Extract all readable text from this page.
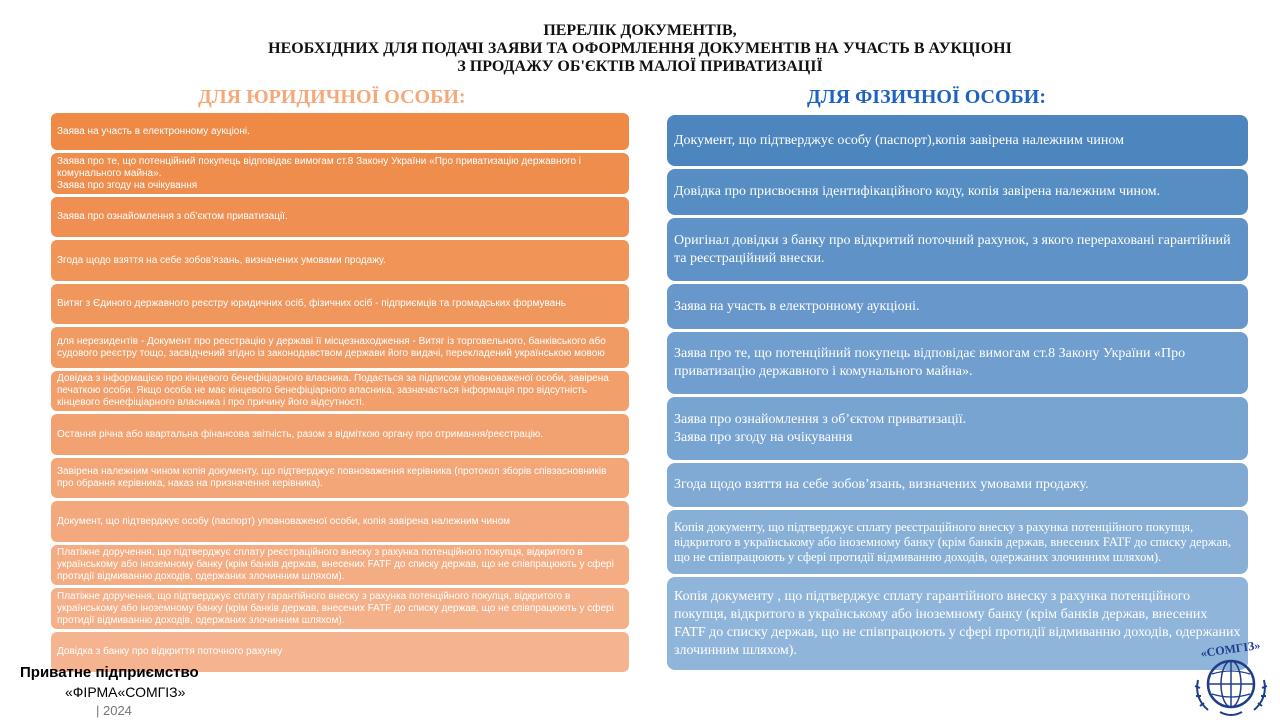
ПЕРЕЛІК ДОКУМЕНТІВ,
НЕОБХІДНИХ ДЛЯ ПОДАЧІ ЗАЯВИ ТА ОФОРМЛЕННЯ ДОКУМЕНТІВ НА УЧАСТЬ В АУКЦІОНІ
З ПРОДАЖУ ОБ'ЄКТІВ МАЛОЇ ПРИВАТИЗАЦІЇ
ДЛЯ ЮРИДИЧНОЇ ОСОБИ:	ДЛЯ ФІЗИЧНОЇ ОСОБИ:
Заява на участь в електронному аукціоні.
Заява про те, що потенційний покупець відповідає вимогам ст.8 Закону України «Про приватизацію державного і комунального майна».
Заява про згоду на очікування
Заява про ознайомлення з об’єктом приватизації.
Згода щодо взяття на себе зобов’язань, визначених умовами продажу.
Витяг з Єдиного державного реєстру юридичних осіб, фізичних осіб - підприємців та громадських формувань
для нерезидентів - Документ про реєстрацію у державі її місцезнаходження - Витяг із торговельного, банківського або судового реєстру тощо, засвідчений згідно із законодавством держави його видачі, перекладений українською мовою
Довідка з інформацією про кінцевого бенефіціарного власника. Подається за підписом уповноваженої особи, завірена печаткою особи. Якщо особа не має кінцевого бенефіціарного власника, зазначається інформація про відсутність кінцевого бенефіціарного власника і про причину його відсутності.
Остання річна або квартальна фінансова звітність, разом з відміткою органу про отримання/реєстрацію.
Завірена належним чином копія документу, що підтверджує повноваження керівника (протокол зборів співзасновників про обрання керівника, наказ на призначення керівника).
Документ, що підтверджує особу (паспорт) уповноваженої особи, копія завірена належним чином
Платіжне доручення, що підтверджує сплату реєстраційного внеску з рахунка потенційного покупця, відкритого в українському або іноземному банку (крім банків держав, внесених FATF до списку держав, що не співпрацюють у сфері протидії відмиванню доходів, одержаних злочинним шляхом).
Платіжне доручення, що підтверджує сплату гарантійного внеску з рахунка потенційного покупця, відкритого в українському або іноземному банку (крім банків держав, внесених FATF до списку держав, що не співпрацюють у сфері протидії відмиванню доходів, одержаних злочинним шляхом).
Довідка з банку про відкриття поточного рахунку
Документ, що підтверджує особу (паспорт),копія завірена належним чином
Довідка про присвоєння ідентифікаційного коду, копія завірена належним чином.
Оригінал довідки з банку про відкритий поточний рахунок, з якого перераховані гарантійний та реєстраційний внески.
Заява на участь в електронному аукціоні.
Заява про те, що потенційний покупець відповідає вимогам ст.8 Закону України «Про приватизацію державного і комунального майна».
Заява про ознайомлення з об’єктом приватизації.
Заява про згоду на очікування
Згода щодо взяття на себе зобов’язань, визначених умовами продажу.
Копія документу, що підтверджує сплату реєстраційного внеску з рахунка потенційного покупця, відкритого в українському або іноземному банку (крім банків держав, внесених FATF до списку держав, що не співпрацюють у сфері протидії відмиванню доходів, одержаних злочинним шляхом).
Копія документу , що підтверджує сплату гарантійного внеску з рахунка потенційного покупця, відкритого в українському або іноземному банку (крім банків держав, внесених FATF до списку держав, що не співпрацюють у сфері протидії відмиванню доходів, одержаних злочинним шляхом).
Приватне підприємство
«ФІРМА«СОМГІЗ»
| 2024
«СОМГІЗ»
